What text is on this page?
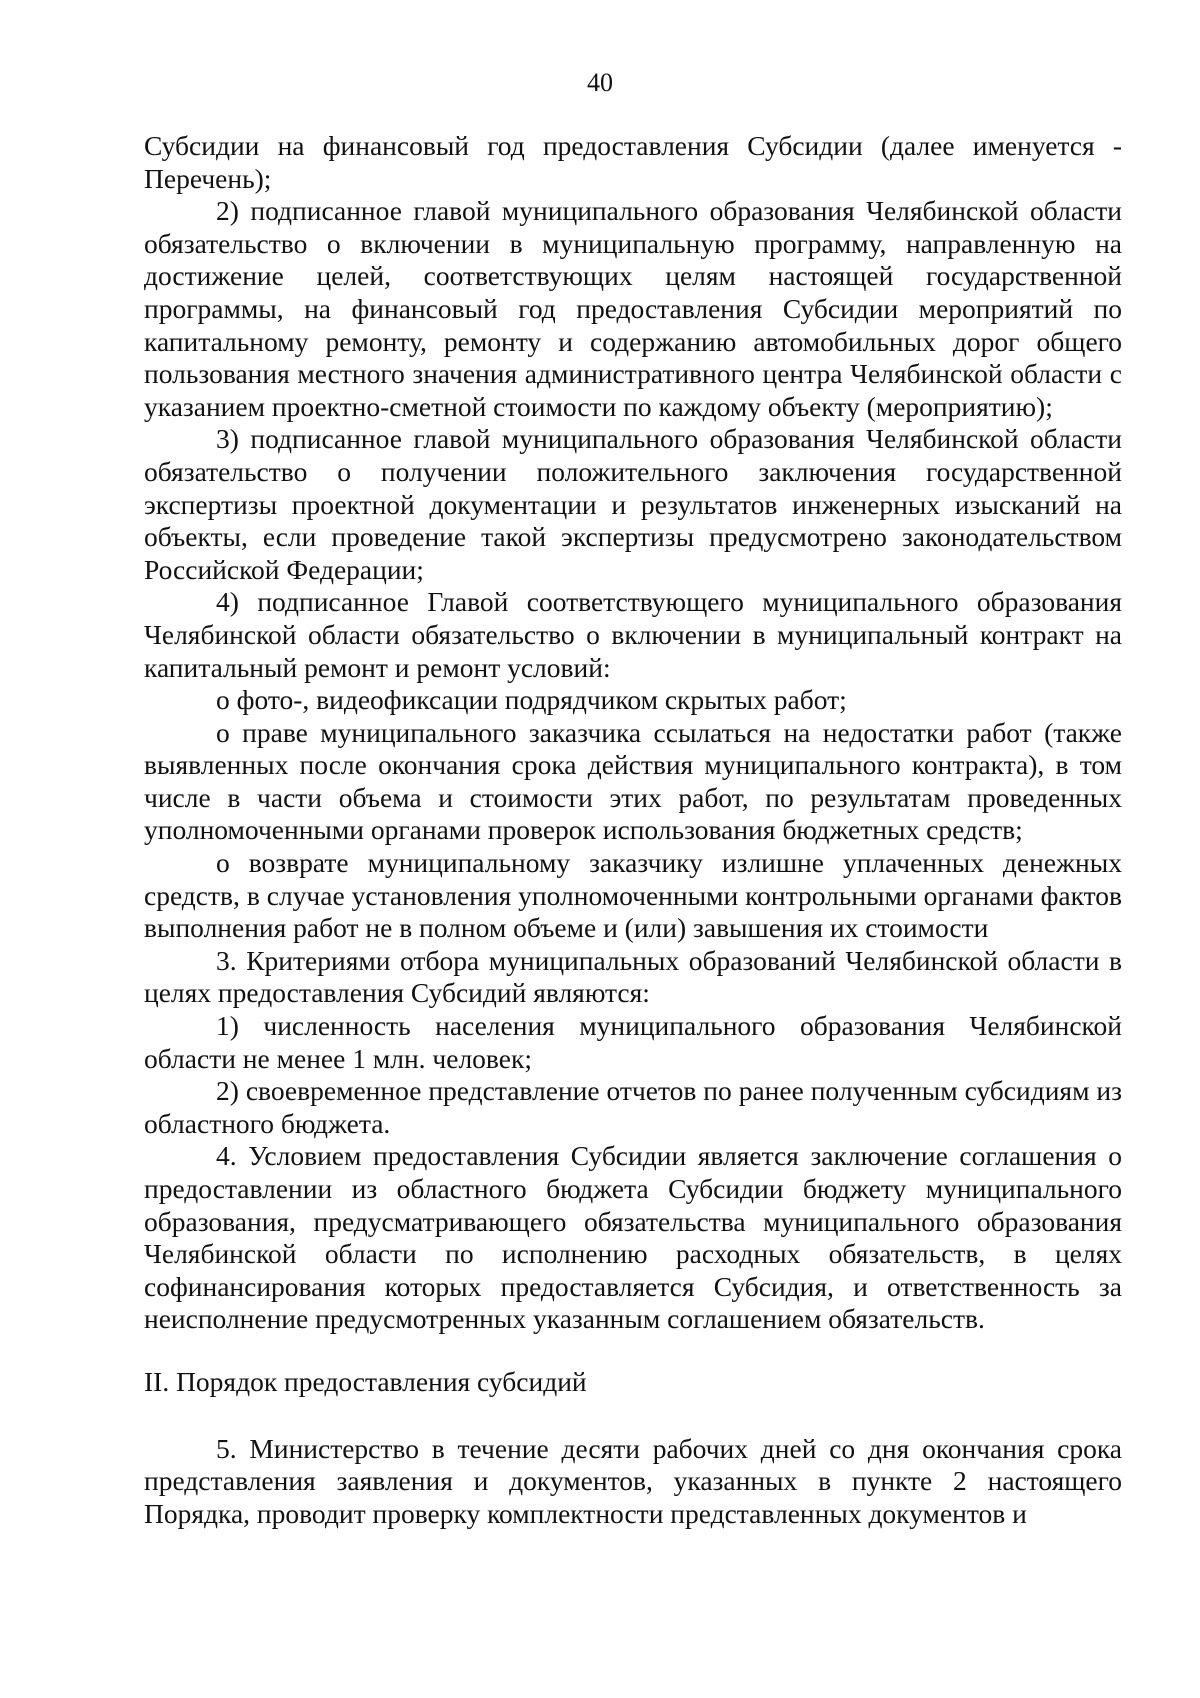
40

Субсидии на финансовый год предоставления Субсидии (далее именуется - Перечень);

2) подписанное главой муниципального образования Челябинской области обязательство о включении в муниципальную программу, направленную на достижение целей, соответствующих целям настоящей государственной программы, на финансовый год предоставления Субсидии мероприятий по капитальному ремонту, ремонту и содержанию автомобильных дорог общего пользования местного значения административного центра Челябинской области с указанием проектно-сметной стоимости по каждому объекту (мероприятию);

3) подписанное главой муниципального образования Челябинской области обязательство о получении положительного заключения государственной экспертизы проектной документации и результатов инженерных изысканий на объекты, если проведение такой экспертизы предусмотрено законодательством Российской Федерации;

4) подписанное Главой соответствующего муниципального образования Челябинской области обязательство о включении в муниципальный контракт на капитальный ремонт и ремонт условий:

о фото-, видеофиксации подрядчиком скрытых работ;

о праве муниципального заказчика ссылаться на недостатки работ (также выявленных после окончания срока действия муниципального контракта), в том числе в части объема и стоимости этих работ, по результатам проведенных уполномоченными органами проверок использования бюджетных средств;

о возврате муниципальному заказчику излишне уплаченных денежных средств, в случае установления уполномоченными контрольными органами фактов выполнения работ не в полном объеме и (или) завышения их стоимости

3. Критериями отбора муниципальных образований Челябинской области в целях предоставления Субсидий являются:

1) численность населения муниципального образования Челябинской области не менее 1 млн. человек;

2) своевременное представление отчетов по ранее полученным субсидиям из областного бюджета.

4. Условием предоставления Субсидии является заключение соглашения о предоставлении из областного бюджета Субсидии бюджету муниципального образования, предусматривающего обязательства муниципального образования Челябинской области по исполнению расходных обязательств, в целях софинансирования которых предоставляется Субсидия, и ответственность за неисполнение предусмотренных указанным соглашением обязательств.

II. Порядок предоставления субсидий

5. Министерство в течение десяти рабочих дней со дня окончания срока представления заявления и документов, указанных в пункте 2 настоящего Порядка, проводит проверку комплектности представленных документов и
